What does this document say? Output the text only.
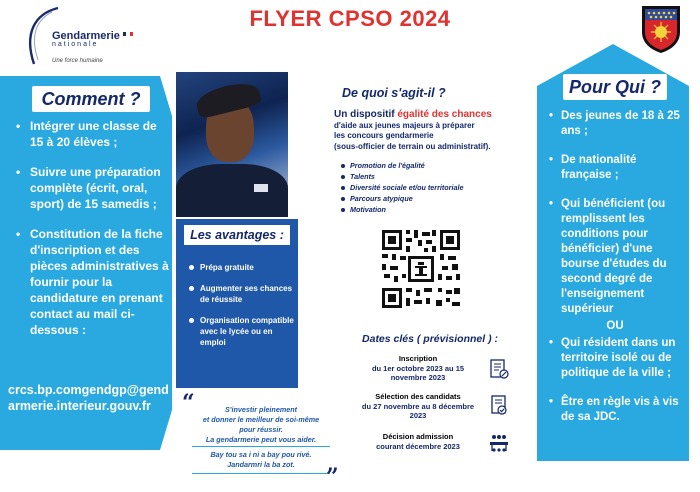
Gendarmerie
nationale
Une force humaine
FLYER CPSO 2024
Comment ?
• Intégrer une classe de 15 à 20 élèves ;
• Suivre une préparation complète (écrit, oral, sport) de 15 samedis ;
• Constitution de la fiche d'inscription et des pièces administratives à fournir pour la candidature en prenant contact au mail ci-dessous :
crcs.bp.comgendgp@gendarmerie.interieur.gouv.fr
Les avantages :
Prépa gratuite
Augmenter ses chances de réussite
Organisation compatible avec le lycée ou en emploi
“	S'investir pleinement
et donner le meilleur de soi-même
pour réussir.
La gendarmerie peut vous aider.
Bay tou sa i ni a bay pou rivé.
Jandarmri la ba zot.	”
De quoi s'agit-il ?
Un dispositif égalité des chances
d'aide aux jeunes majeurs à préparer
les concours gendarmerie
(sous-officier de terrain ou administratif).
Promotion de l'égalité
Talents
Diversité sociale et/ou territoriale
Parcours atypique
Motivation
Dates clés ( prévisionnel ) :
Inscription
du 1er octobre 2023 au 15 novembre 2023
Sélection des candidats
du 27 novembre au 8 décembre 2023
Décision admission
courant décembre 2023
Pour Qui ?
• Des jeunes de 18 à 25 ans ;
• De nationalité française ;
• Qui bénéficient (ou remplissent les conditions pour bénéficier) d'une bourse d'études du second degré de l'enseignement supérieur
OU
• Qui résident dans un territoire isolé ou de politique de la ville ;
• Être en règle vis à vis de sa JDC.
